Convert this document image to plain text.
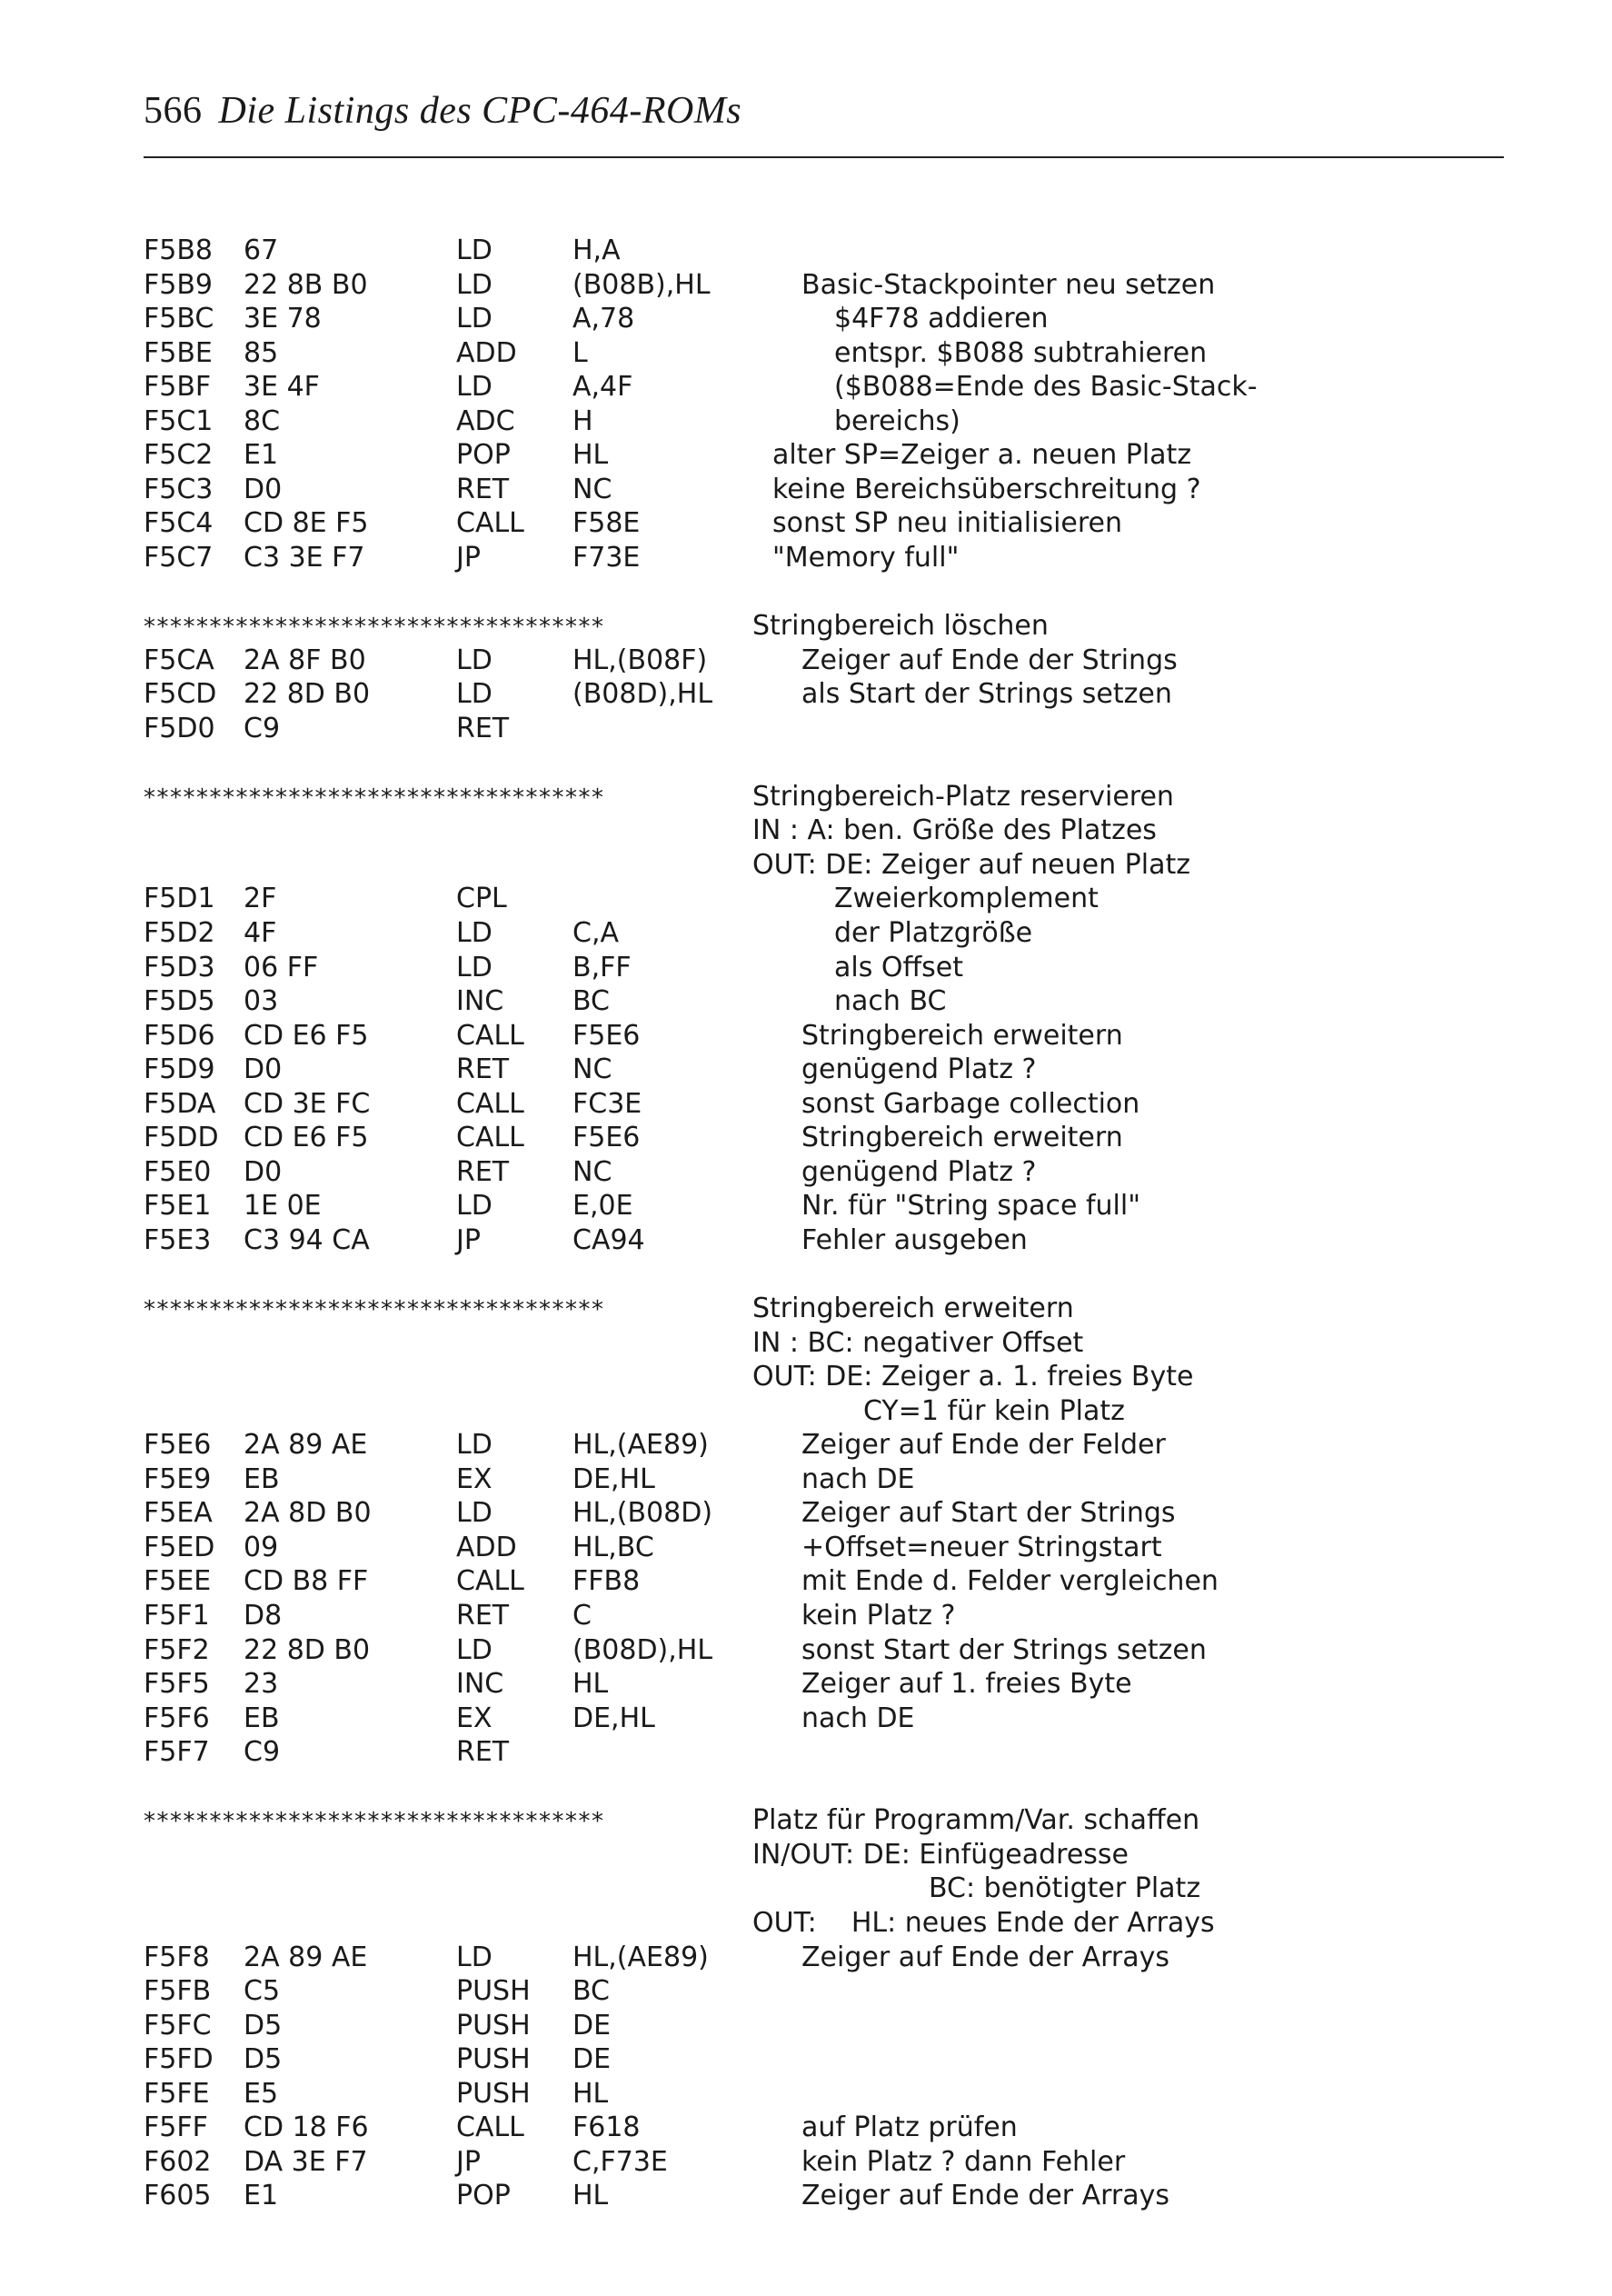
566 Die Listings des CPC-464-ROMs
F5B8 67	LD	H,A
F5B9 22 8B B0	LD	(B08B),HL	Basic-Stackpointer neu setzen
F5BC 3E 78	LD	A,78	$4F78 addieren
F5BE 85	ADD L	entspr. $B088 subtrahieren
F5BF 3E 4F	LD	A,4F	($B088=Ende des Basic-Stack-
F5C1 8C	ADC H	bereichs)
F5C2 E1	POP HL	alter SP=Zeiger a. neuen Platz
F5C3 D0	RET NC	keine Bereichsüberschreitung ?
F5C4 CD 8E F5	CALL F58E	sonst SP neu initialisieren
F5C7 C3 3E F7	JP	F73E	"Memory full"
***********************************	Stringbereich löschen
F5CA 2A 8F B0	LD	HL,(B08F)	Zeiger auf Ende der Strings
F5CD 22 8D B0	LD	(B08D),HL	als Start der Strings setzen
F5D0 C9	RET
***********************************	Stringbereich-Platz reservieren
IN : A: ben. Größe des Platzes
OUT: DE: Zeiger auf neuen Platz
F5D1 2F	CPL	Zweierkomplement
F5D2 4F	LD	C,A	der Platzgröße
F5D3 06 FF	LD	B,FF	als Offset
F5D5 03	INC	BC	nach BC
F5D6 CD E6 F5	CALL F5E6	Stringbereich erweitern
F5D9 D0	RET NC	genügend Platz ?
F5DA CD 3E FC	CALL FC3E	sonst Garbage collection
F5DD CD E6 F5	CALL F5E6	Stringbereich erweitern
F5E0 D0	RET NC	genügend Platz ?
F5E1 1E 0E	LD	E,0E	Nr. für "String space full"
F5E3 C3 94 CA	JP	CA94	Fehler ausgeben
***********************************	Stringbereich erweitern
IN : BC: negativer Offset
OUT: DE: Zeiger a. 1. freies Byte
CY=1 für kein Platz
F5E6 2A 89 AE	LD	HL,(AE89)	Zeiger auf Ende der Felder
F5E9 EB	EX	DE,HL	nach DE
F5EA 2A 8D B0	LD	HL,(B08D)	Zeiger auf Start der Strings
F5ED 09	ADD HL,BC	+Offset=neuer Stringstart
F5EE CD B8 FF	CALL FFB8	mit Ende d. Felder vergleichen
F5F1 D8	RET C	kein Platz ?
F5F2 22 8D B0	LD	(B08D),HL	sonst Start der Strings setzen
F5F5 23	INC	HL	Zeiger auf 1. freies Byte
F5F6 EB	EX	DE,HL	nach DE
F5F7 C9	RET
***********************************	Platz für Programm/Var. schaffen
IN/OUT: DE: Einfügeadresse
BC: benötigter Platz
OUT:    HL: neues Ende der Arrays
F5F8 2A 89 AE	LD	HL,(AE89)	Zeiger auf Ende der Arrays
F5FB C5	PUSH BC
F5FC D5	PUSH DE
F5FD D5	PUSH DE
F5FE E5	PUSH HL
F5FF CD 18 F6	CALL F618	auf Platz prüfen
F602 DA 3E F7	JP	C,F73E	kein Platz ? dann Fehler
F605 E1	POP HL	Zeiger auf Ende der Arrays
